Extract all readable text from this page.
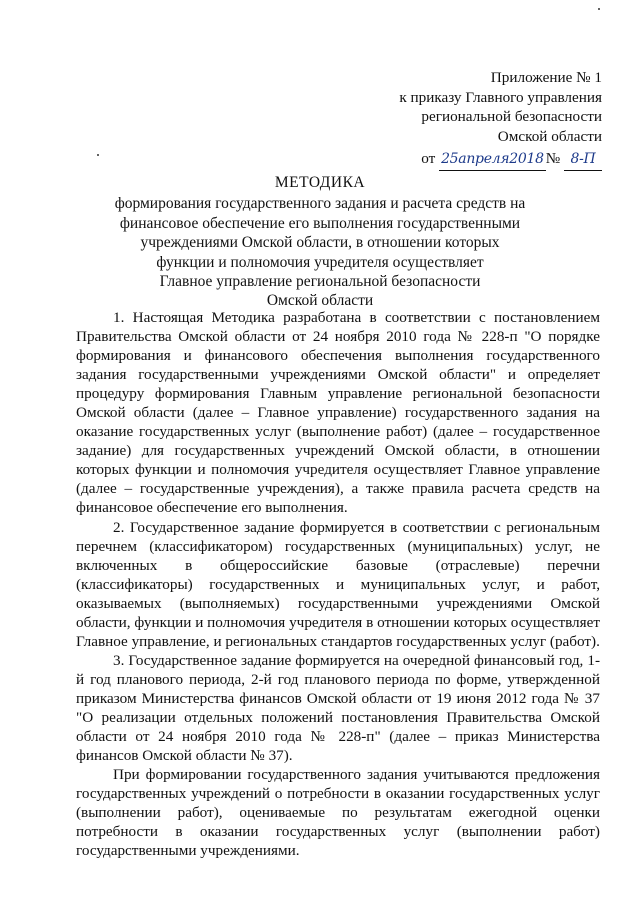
Приложение № 1
к приказу Главного управления
региональной безопасности
Омской области
от
25апреля2018 №
8-П
МЕТОДИКА
формирования государственного задания и расчета средств на
финансовое обеспечение его выполнения государственными
учреждениями Омской области, в отношении которых
функции и полномочия учредителя осуществляет
Главное управление региональной безопасности
Омской области

1. Настоящая Методика разработана в соответствии с постановлением Правительства Омской области от 24 ноября 2010 года № 228-п "О порядке формирования и финансового обеспечения выполнения государственного задания государственными учреждениями Омской области" и определяет процедуру формирования Главным управление региональной безопасности Омской области (далее – Главное управление) государственного задания на оказание государственных услуг (выполнение работ) (далее – государственное задание) для государственных учреждений Омской области, в отношении которых функции и полномочия учредителя осуществляет Главное управление (далее – государственные учреждения), а также правила расчета средств на финансовое обеспечение его выполнения.

2. Государственное задание формируется в соответствии с региональным перечнем (классификатором) государственных (муниципальных) услуг, не включенных в общероссийские базовые (отраслевые) перечни (классификаторы) государственных и муниципальных услуг, и работ, оказываемых (выполняемых) государственными учреждениями Омской области, функции и полномочия учредителя в отношении которых осуществляет Главное управление, и региональных стандартов государственных услуг (работ).

3. Государственное задание формируется на очередной финансовый год, 1-й год планового периода, 2-й год планового периода по форме, утвержденной приказом Министерства финансов Омской области от 19 июня 2012 года № 37 "О реализации отдельных положений постановления Правительства Омской области от 24 ноября 2010 года № 228-п" (далее – приказ Министерства финансов Омской области № 37).

При формировании государственного задания учитываются предложения государственных учреждений о потребности в оказании государственных услуг (выполнении работ), оцениваемые по результатам ежегодной оценки потребности в оказании государственных услуг (выполнении работ) государственными учреждениями.
